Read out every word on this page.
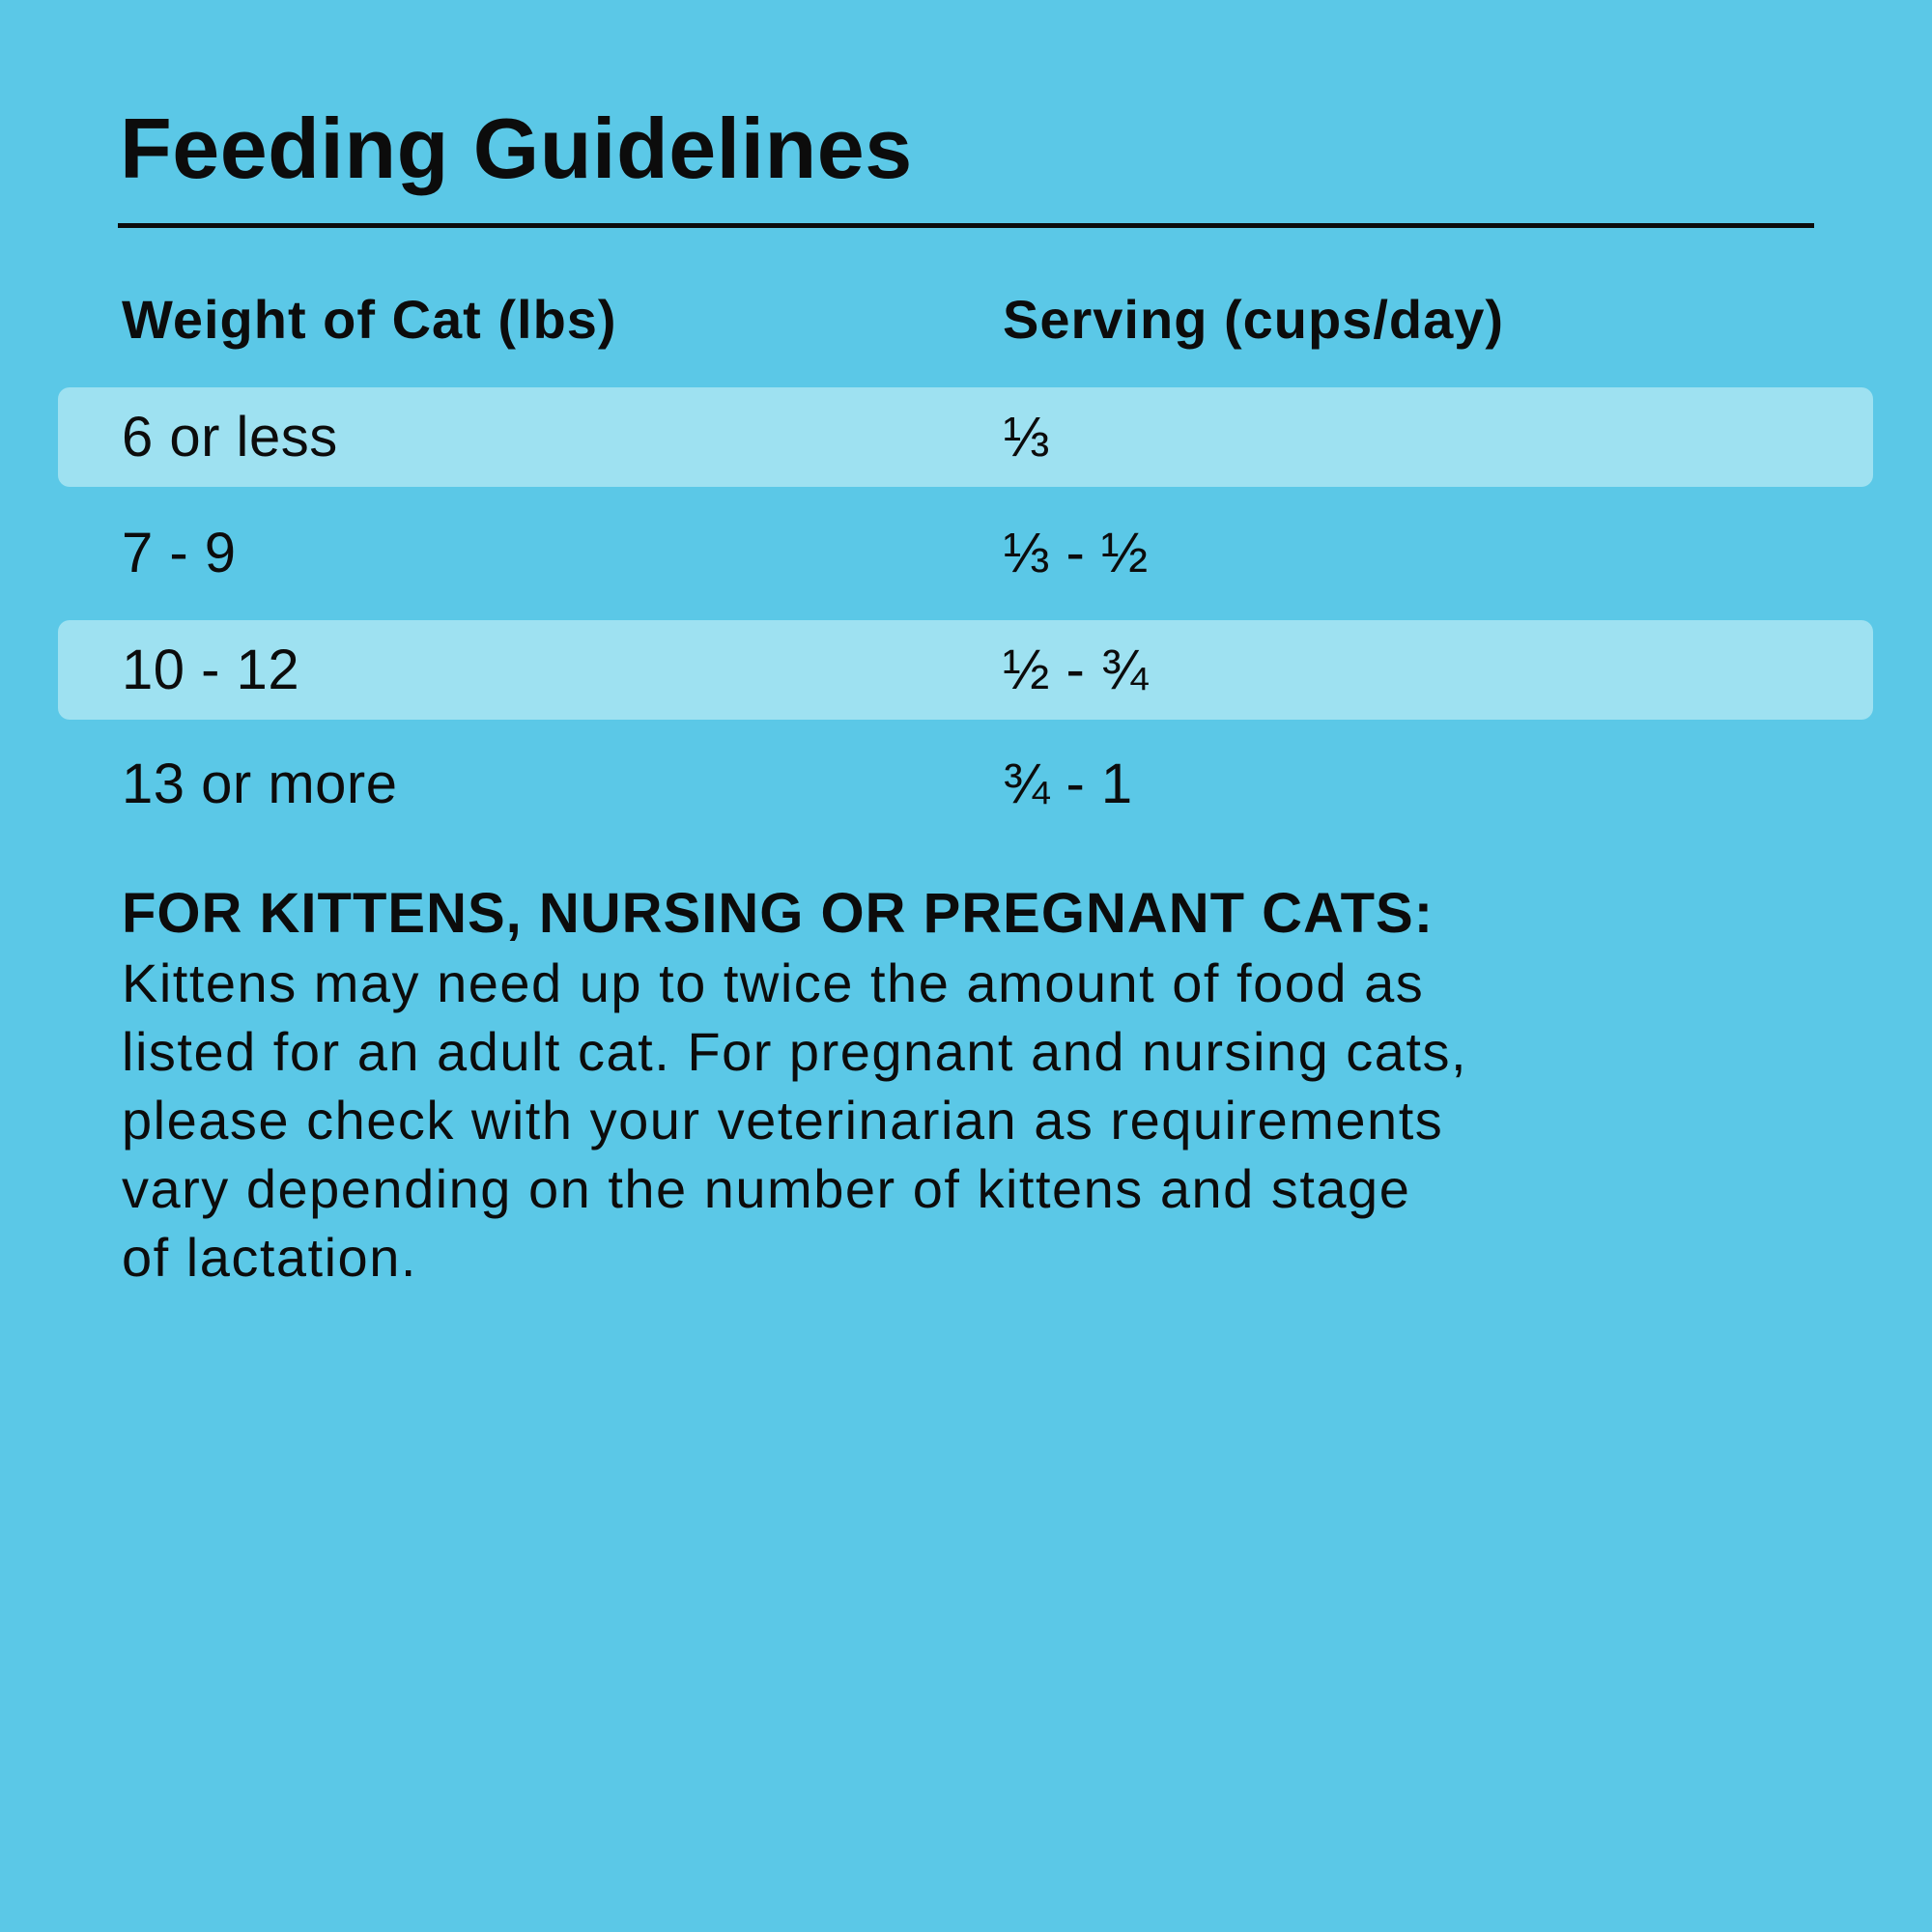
Feeding Guidelines
Weight of Cat (lbs)	Serving (cups/day)
6 or less	⅓
7 - 9	⅓ - ½
10 - 12	½ - ¾
13 or more	¾ - 1

FOR KITTENS, NURSING OR PREGNANT CATS:

Kittens may need up to twice the amount of food as

listed for an adult cat. For pregnant and nursing cats,

please check with your veterinarian as requirements

vary depending on the number of kittens and stage

of lactation.
